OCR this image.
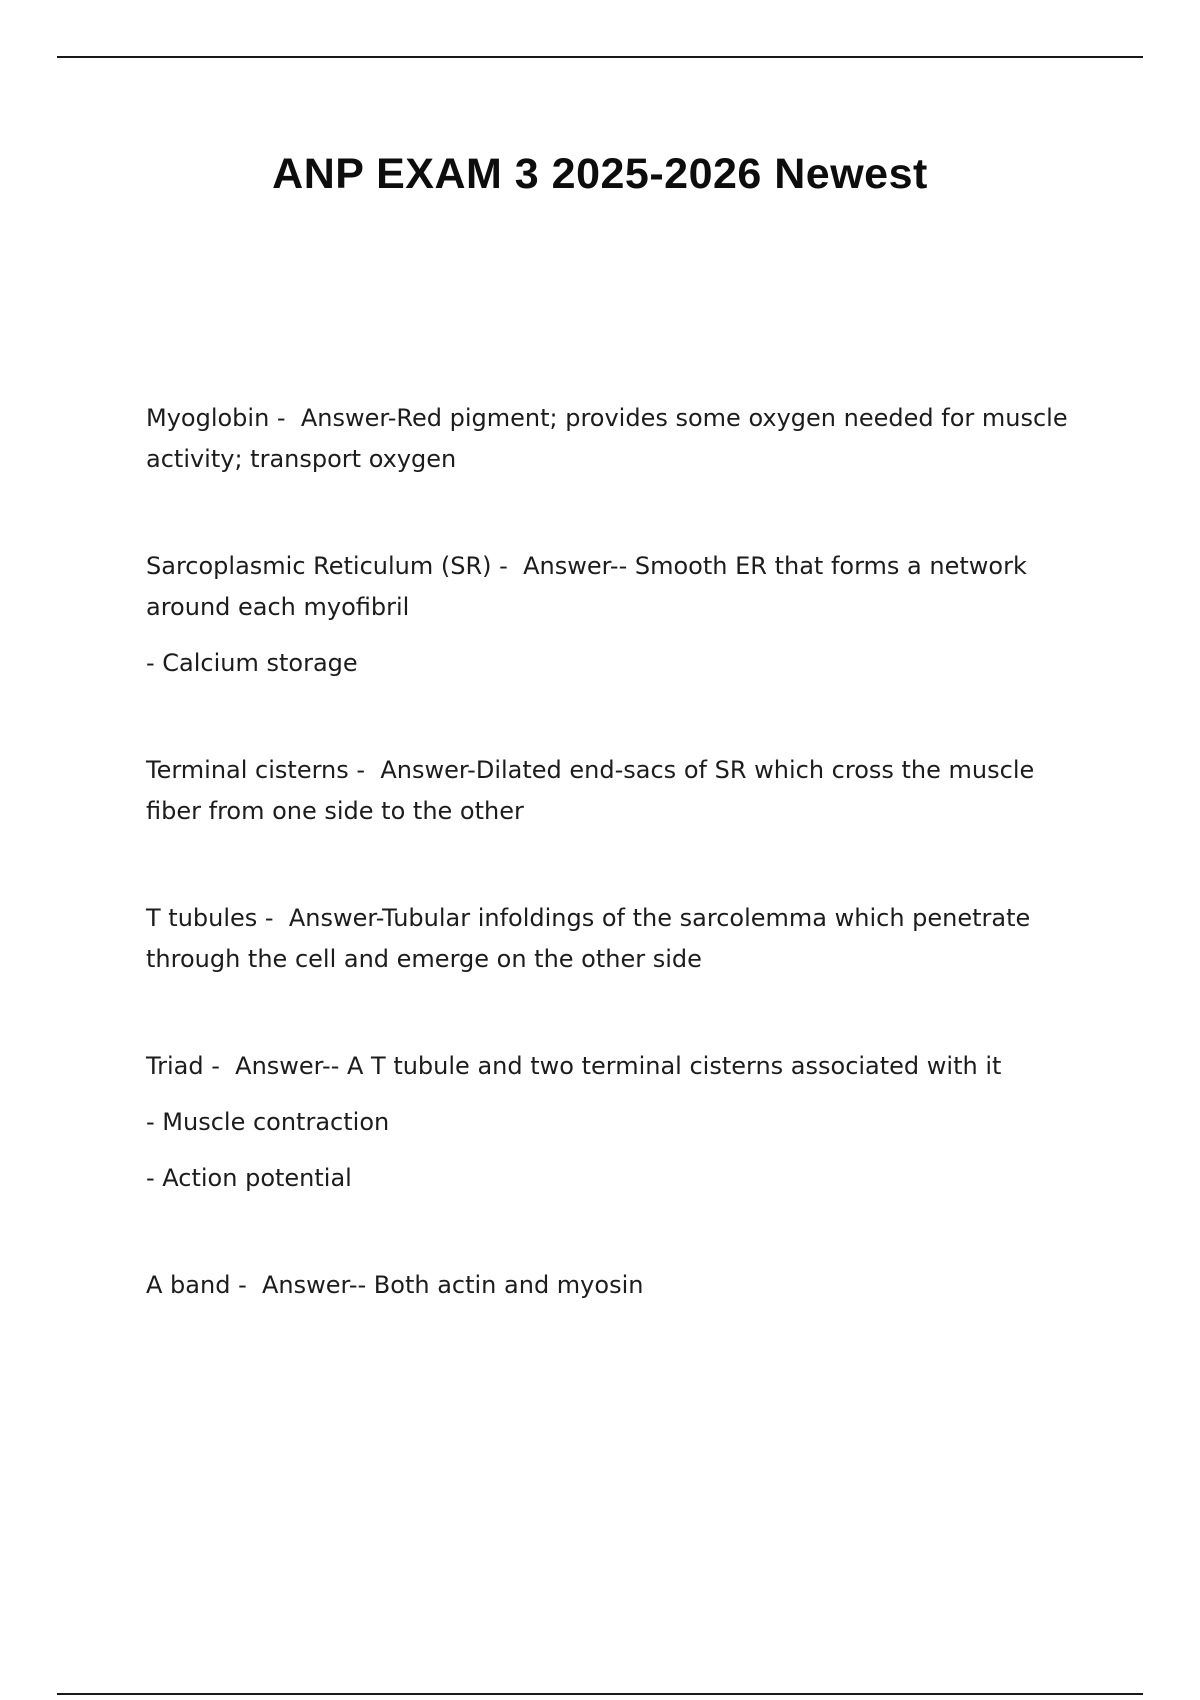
ANP EXAM 3 2025-2026 Newest

Myoglobin -  Answer-Red pigment; provides some oxygen needed for muscle activity; transport oxygen

Sarcoplasmic Reticulum (SR) -  Answer-- Smooth ER that forms a network around each myofibril

- Calcium storage

Terminal cisterns -  Answer-Dilated end-sacs of SR which cross the muscle fiber from one side to the other

T tubules -  Answer-Tubular infoldings of the sarcolemma which penetrate through the cell and emerge on the other side

Triad -  Answer-- A T tubule and two terminal cisterns associated with it

- Muscle contraction

- Action potential

A band -  Answer-- Both actin and myosin
